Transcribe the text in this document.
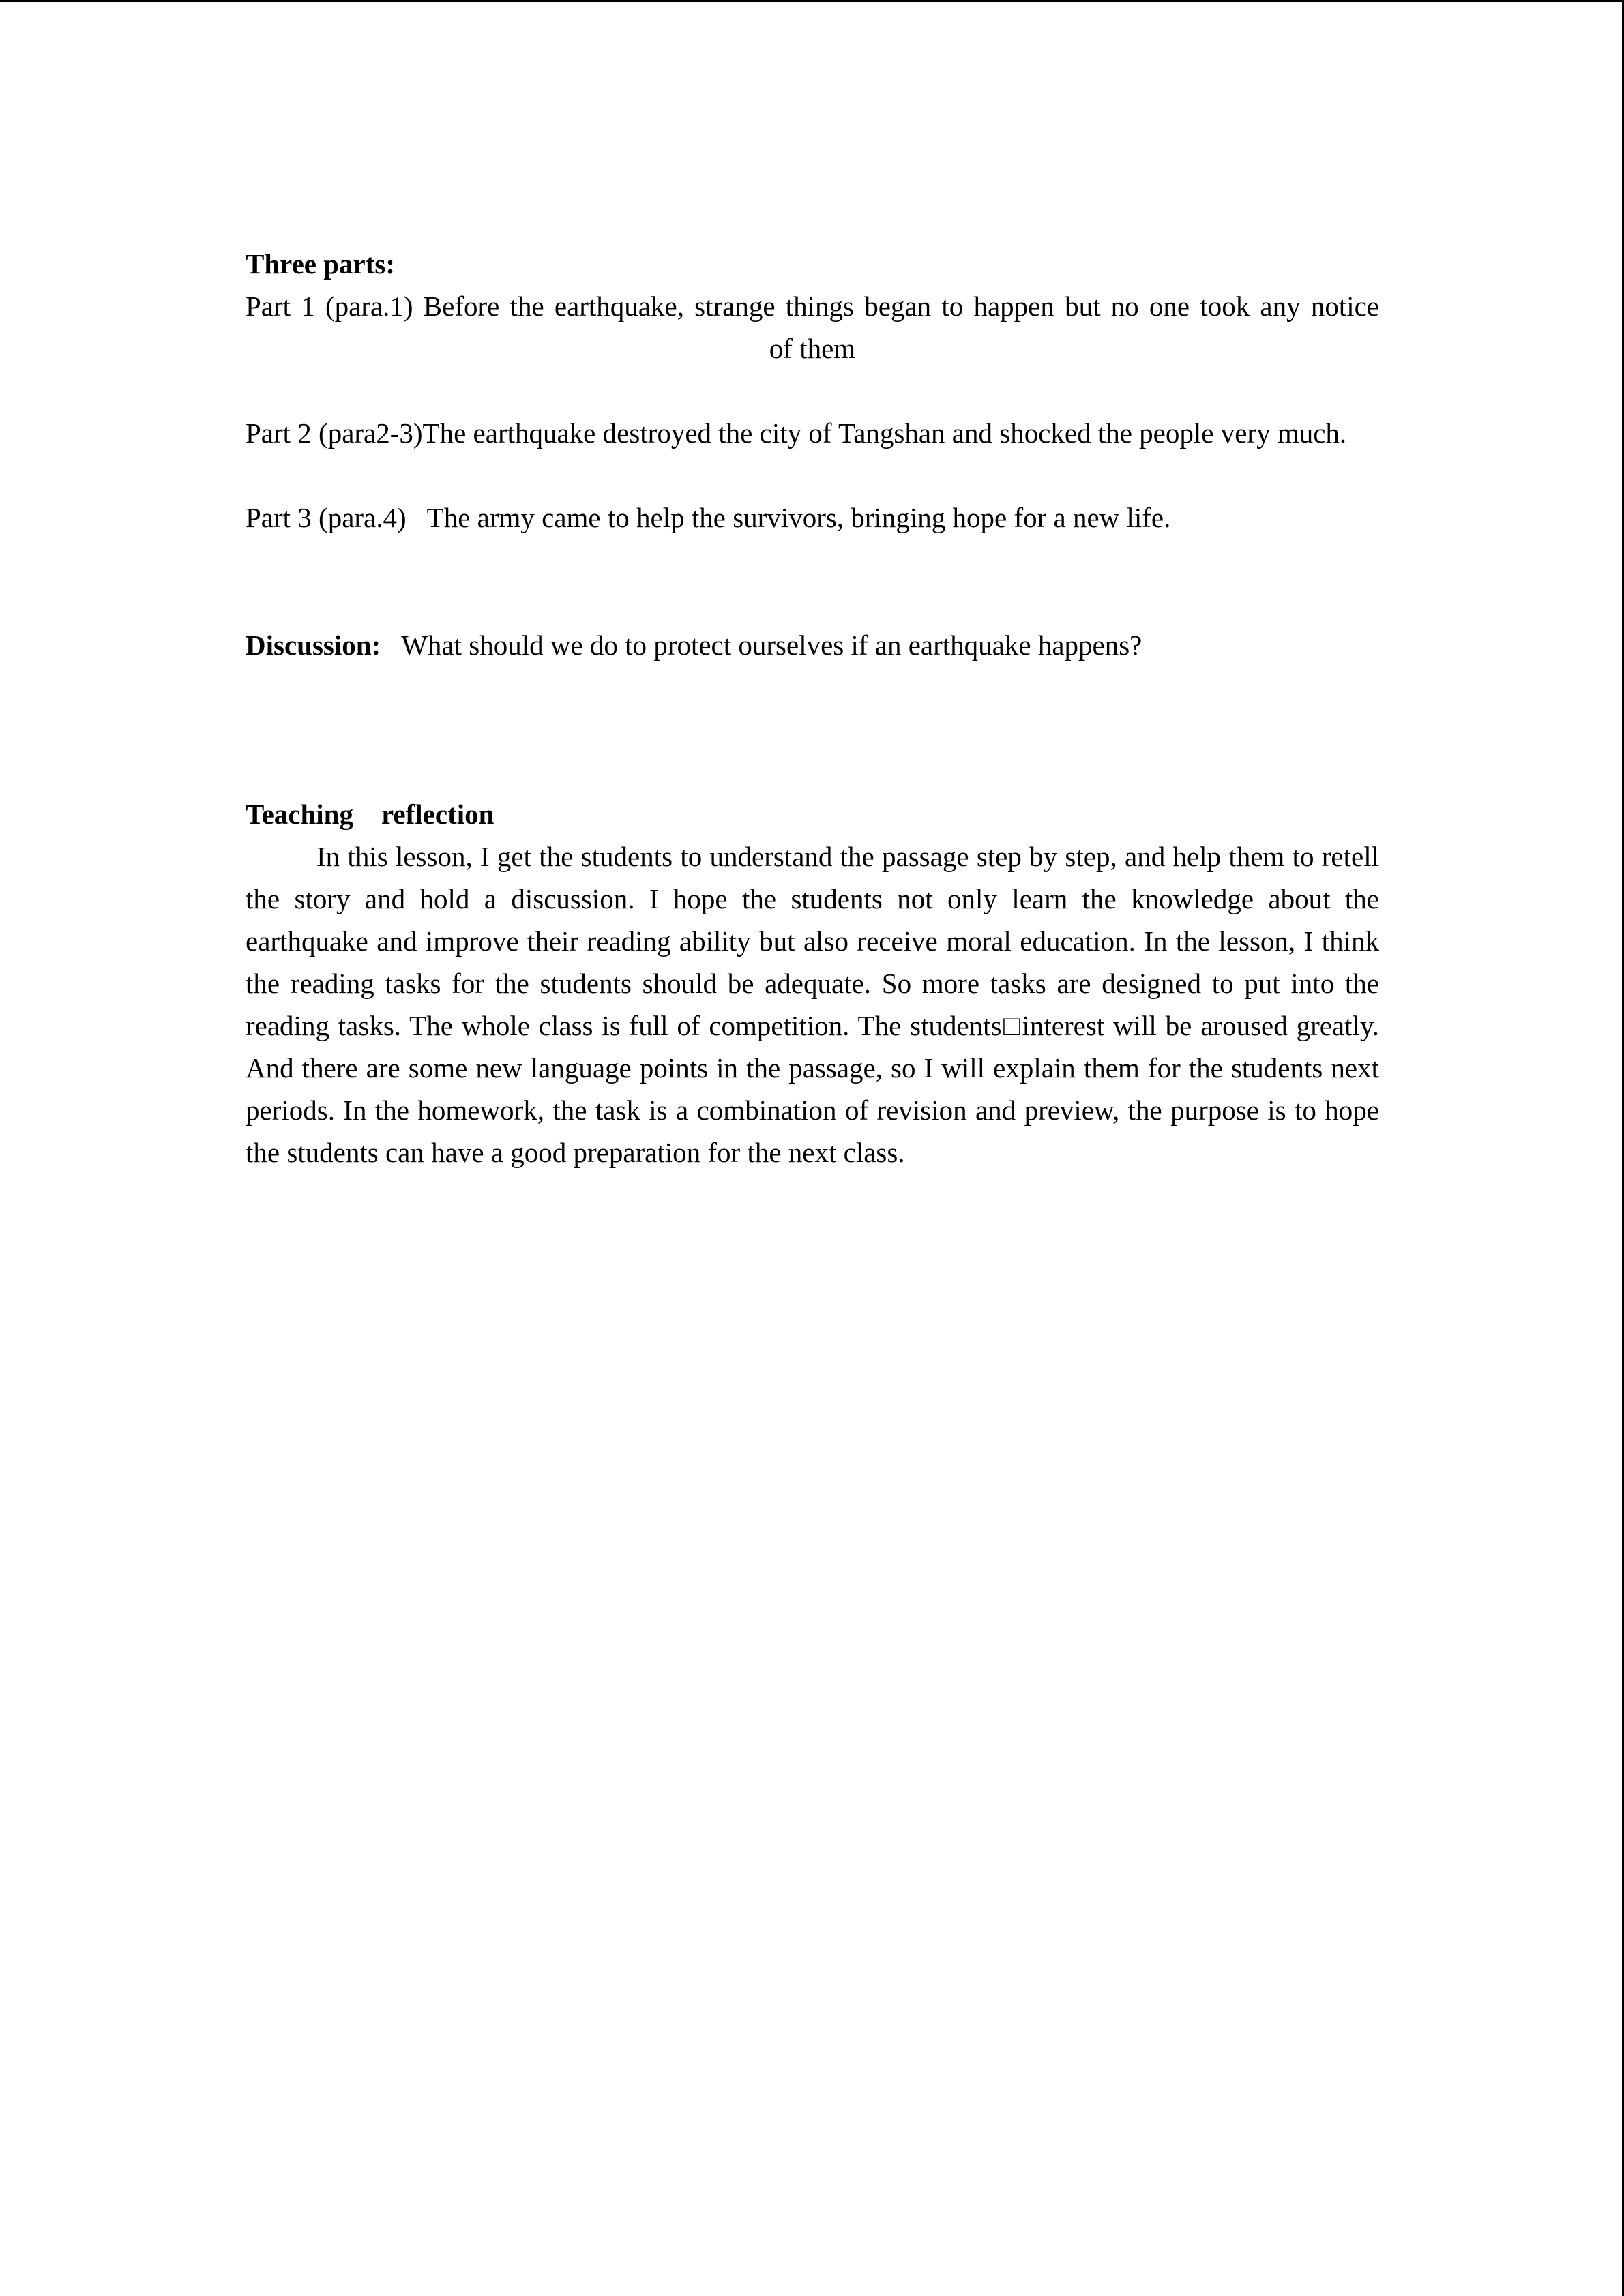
Three parts:

Part 1 (para.1) Before the earthquake, strange things began to happen but no one took any notice

of them

Part 2 (para2-3)The earthquake destroyed the city of Tangshan and shocked the people very much.

Part 3 (para.4)   The army came to help the survivors, bringing hope for a new life.

Discussion:   What should we do to protect ourselves if an earthquake happens?

Teaching    reflection

In this lesson, I get the students to understand the passage step by step, and help them to retell the story and hold a discussion. I hope the students not only learn the knowledge about the earthquake and improve their reading ability but also receive moral education. In the lesson, I think the reading tasks for the students should be adequate. So more tasks are designed to put into the reading tasks. The whole class is full of competition. The students□interest will be aroused greatly. And there are some new language points in the passage, so I will explain them for the students next periods. In the homework, the task is a combination of revision and preview, the purpose is to hope the students can have a good preparation for the next class.
